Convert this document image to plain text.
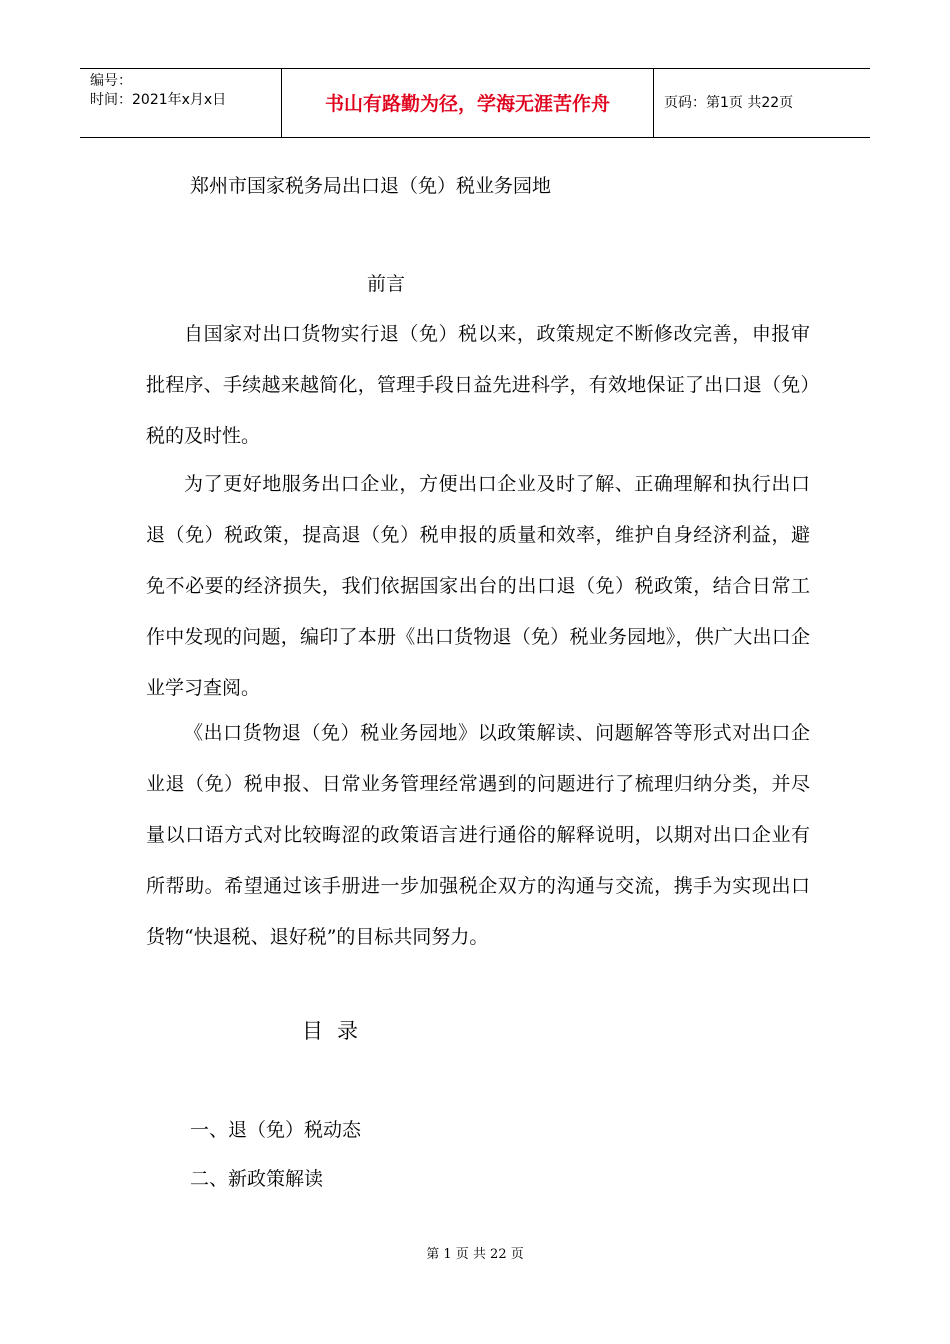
编号：
时间：2021年x月x日	书山有路勤为径，学海无涯苦作舟	页码：第1页 共22页
郑州市国家税务局出口退（免）税业务园地
前言

自国家对出口货物实行退（免）税以来，政策规定不断修改完善，申报审批程序、手续越来越简化，管理手段日益先进科学，有效地保证了出口退（免）税的及时性。

为了更好地服务出口企业，方便出口企业及时了解、正确理解和执行出口退（免）税政策，提高退（免）税申报的质量和效率，维护自身经济利益，避免不必要的经济损失，我们依据国家出台的出口退（免）税政策，结合日常工作中发现的问题，编印了本册《出口货物退（免）税业务园地》，供广大出口企业学习查阅。

《出口货物退（免）税业务园地》以政策解读、问题解答等形式对出口企业退（免）税申报、日常业务管理经常遇到的问题进行了梳理归纳分类，并尽量以口语方式对比较晦涩的政策语言进行通俗的解释说明，以期对出口企业有所帮助。希望通过该手册进一步加强税企双方的沟通与交流，携手为实现出口货物“快退税、退好税”的目标共同努力。

目录
一、退（免）税动态
二、新政策解读
第 1 页 共 22 页
